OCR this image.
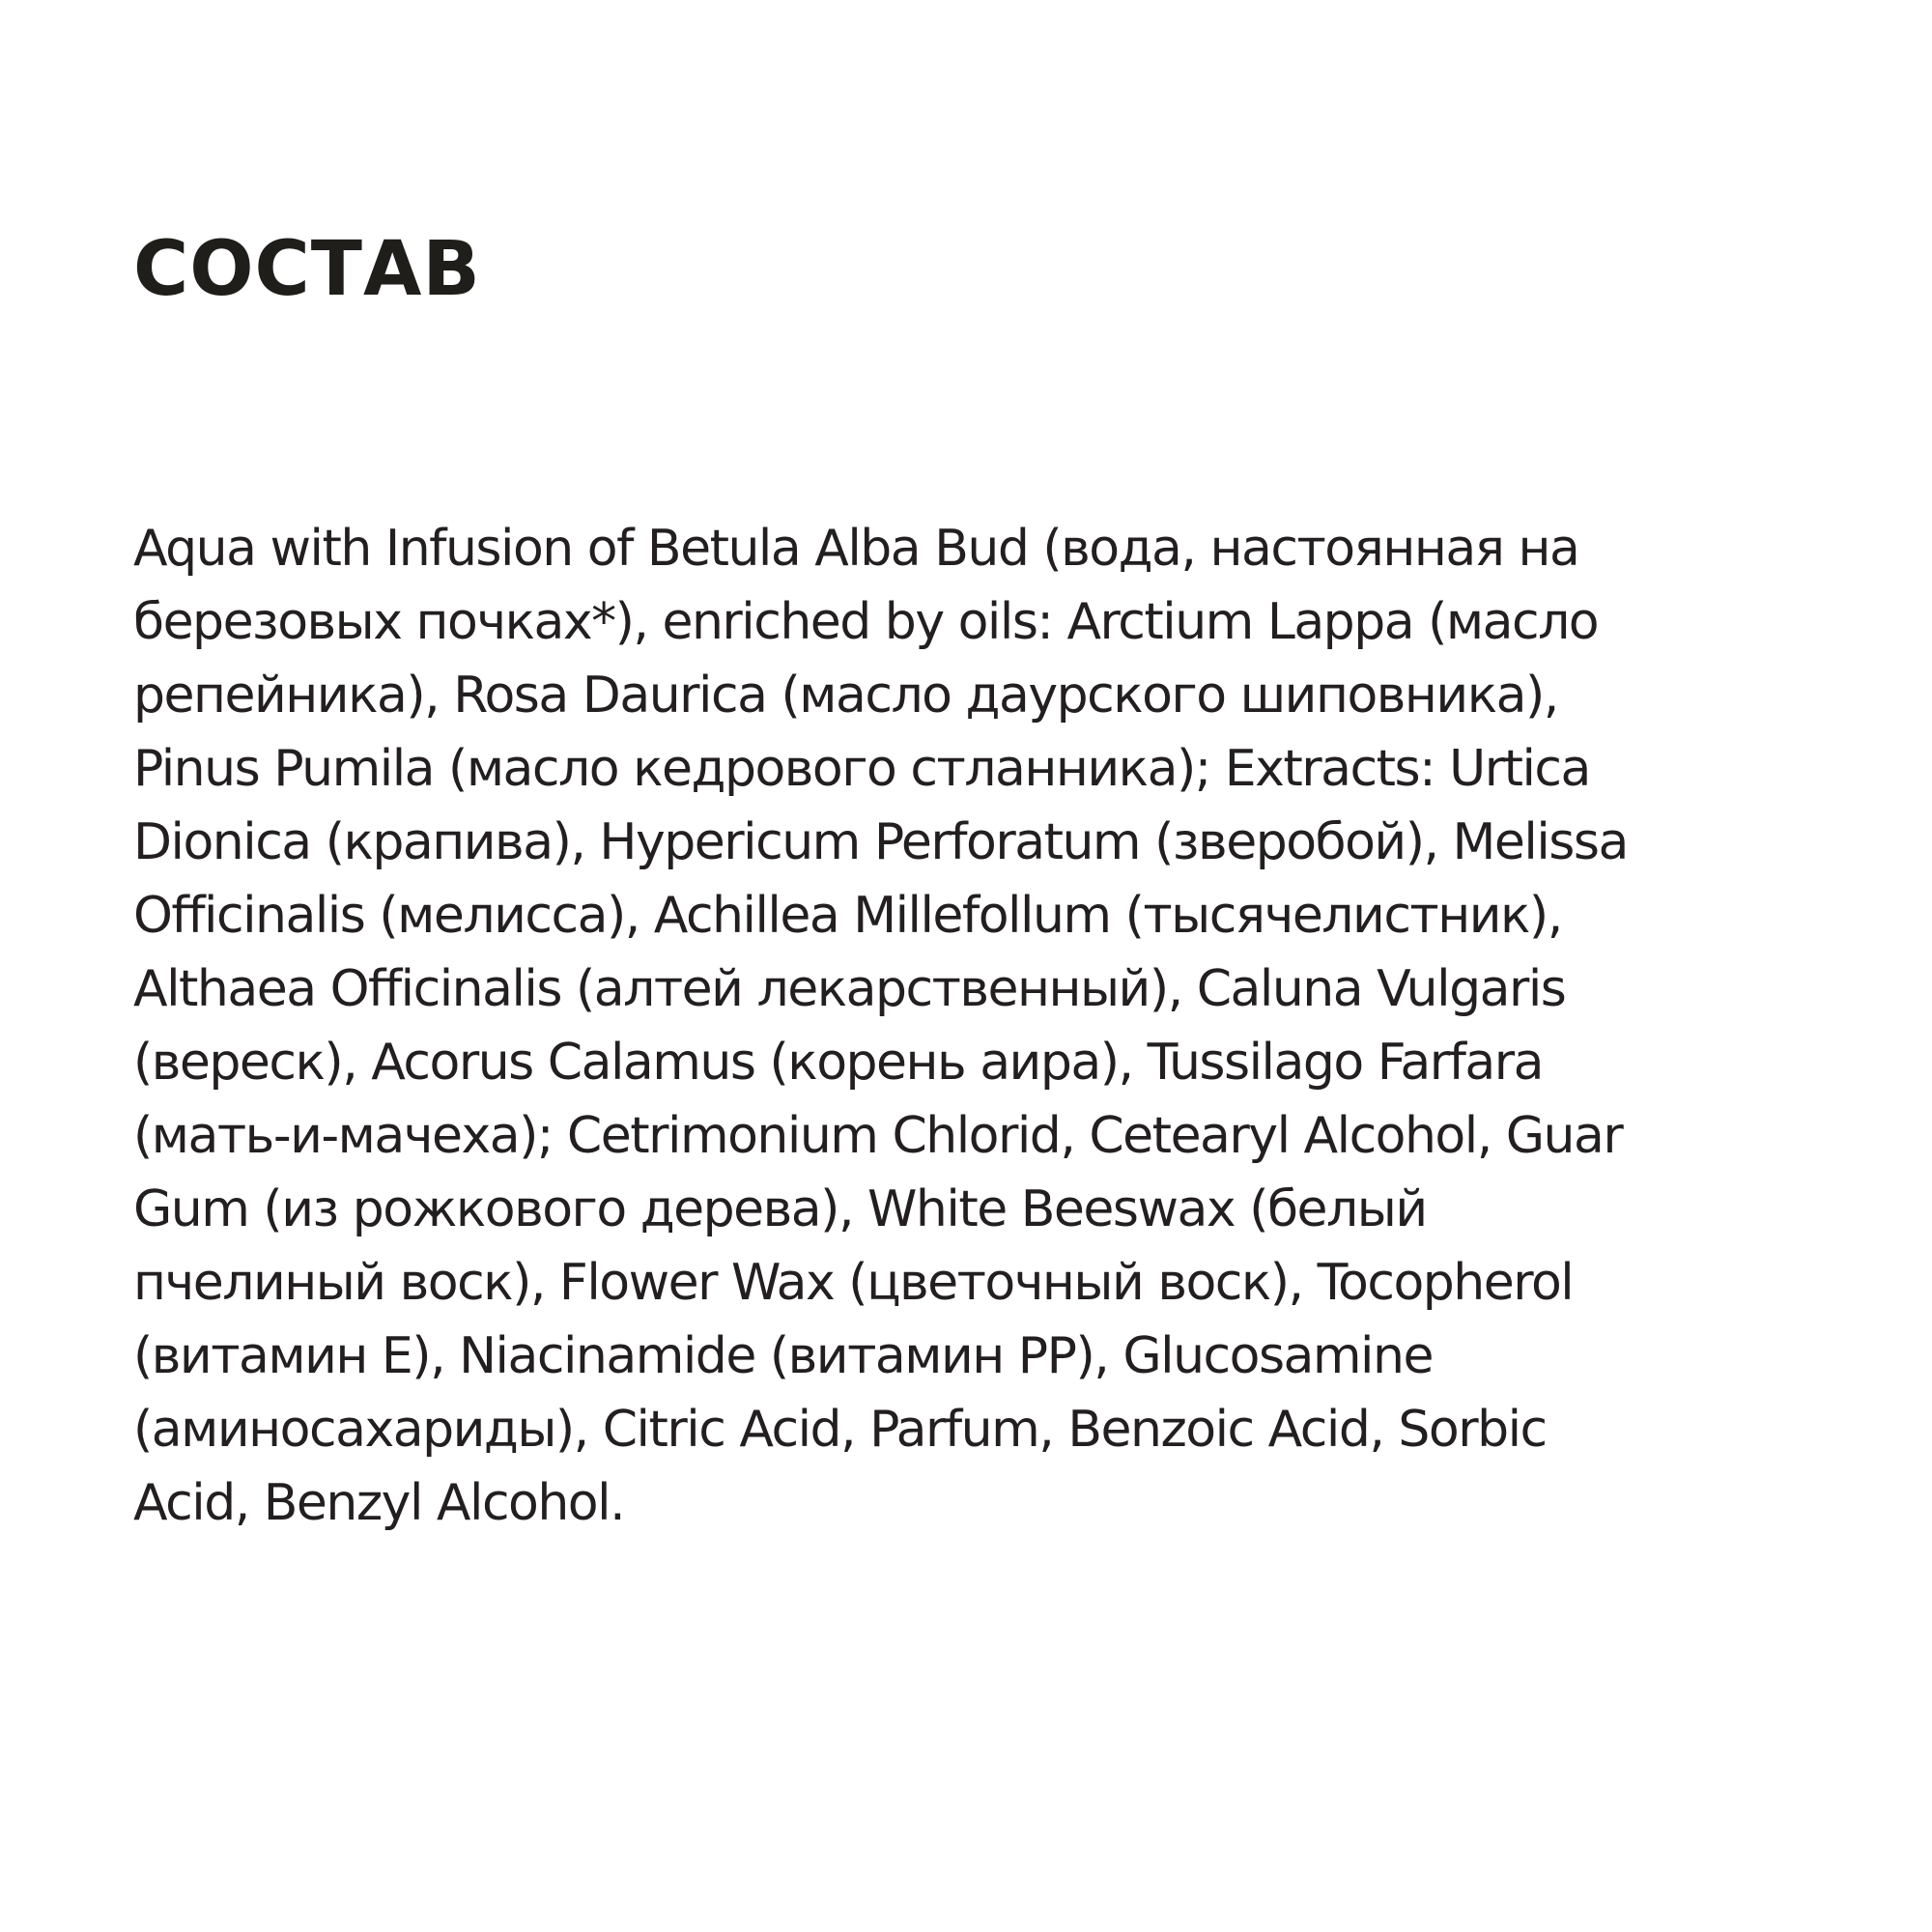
СОСТАВ

Aqua with Infusion of Betula Alba Bud (вода, настоянная на
березовых почках*), enriched by oils: Arctium Lappa (масло
репейника), Rosa Daurica (масло даурского шиповника),
Pinus Pumila (масло кедрового стланника); Extracts: Urtica
Dionica (крапива), Hypericum Perforatum (зверобой), Melissa
Officinalis (мелисса), Achillea Millefollum (тысячелистник),
Althaea Officinalis (алтей лекарственный), Caluna Vulgaris
(вереск), Acorus Calamus (корень аира), Tussilago Farfara
(мать-и-мачеха); Cetrimonium Chlorid, Cetearyl Alcohol, Guar
Gum (из рожкового дерева), White Beeswax (белый
пчелиный воск), Flower Wax (цветочный воск), Tocopherol
(витамин E), Niacinamide (витамин PP), Glucosamine
(аминосахариды), Citric Acid, Parfum, Benzoic Acid, Sorbic
Acid, Benzyl Alcohol.
